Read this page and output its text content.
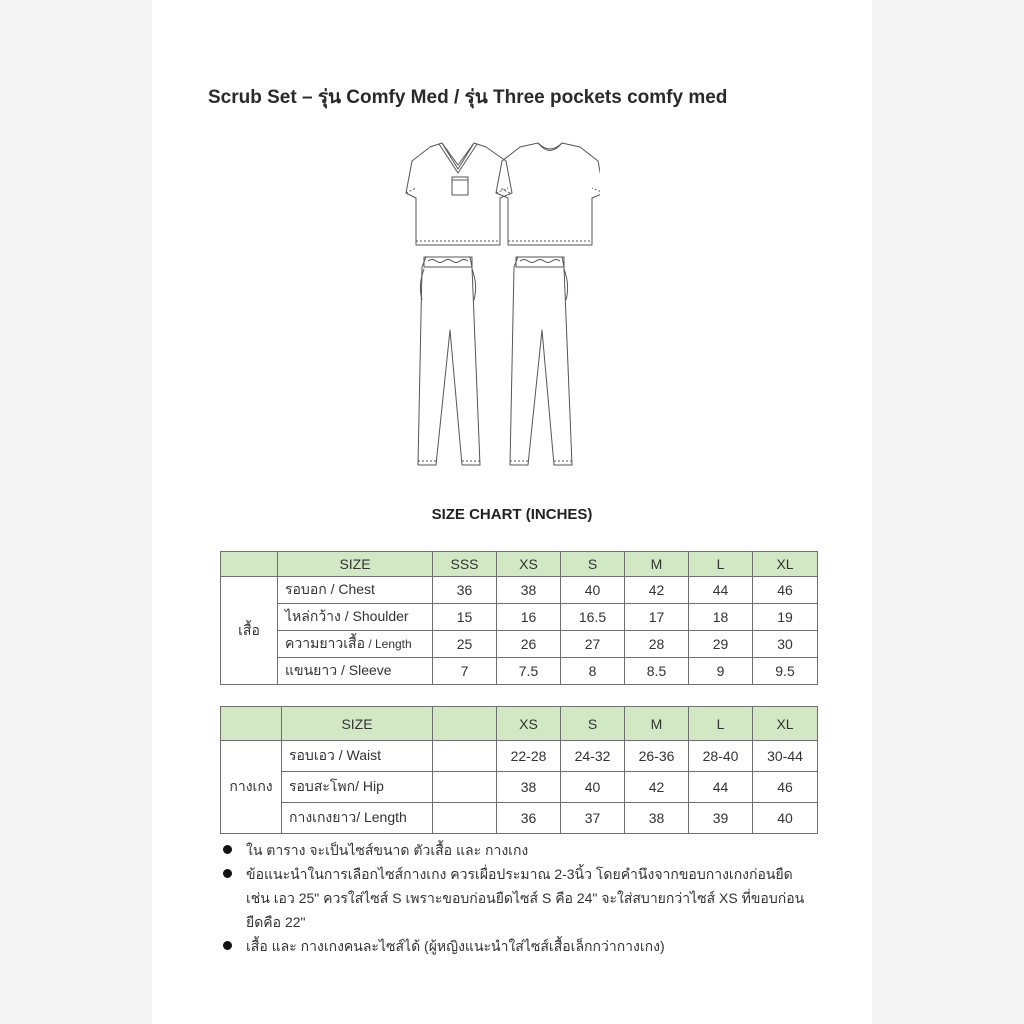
Scrub Set – รุ่น Comfy Med / รุ่น Three pockets comfy med
SIZE CHART (INCHES)
	SIZE	SSS	XS	S	M	L	XL
เสื้อ	รอบอก / Chest	36	38	40	42	44	46
	ไหล่กว้าง / Shoulder	15	16	16.5	17	18	19
	ความยาวเสื้อ / Length	25	26	27	28	29	30
	แขนยาว / Sleeve	7	7.5	8	8.5	9	9.5
	SIZE		XS	S	M	L	XL
กางเกง	รอบเอว / Waist		22-28	24-32	26-36	28-40	30-44
	รอบสะโพก/ Hip		38	40	42	44	46
	กางเกงยาว/ Length		36	37	38	39	40
ใน ตาราง จะเป็นไซส์ขนาด ตัวเสื้อ และ กางเกง
ข้อแนะนำในการเลือกไซส์กางเกง ควรเผื่อประมาณ 2-3นิ้ว โดยคำนึงจากขอบกางเกงก่อนยืด
เช่น เอว 25" ควรใส่ไซส์ S เพราะขอบก่อนยืดไซส์ S คือ 24" จะใส่สบายกว่าไซส์ XS ที่ขอบก่อน
ยืดคือ 22"
เสื้อ และ กางเกงคนละไซส์ได้ (ผู้หญิงแนะนำใส่ไซส์เสื้อเล็กกว่ากางเกง)
